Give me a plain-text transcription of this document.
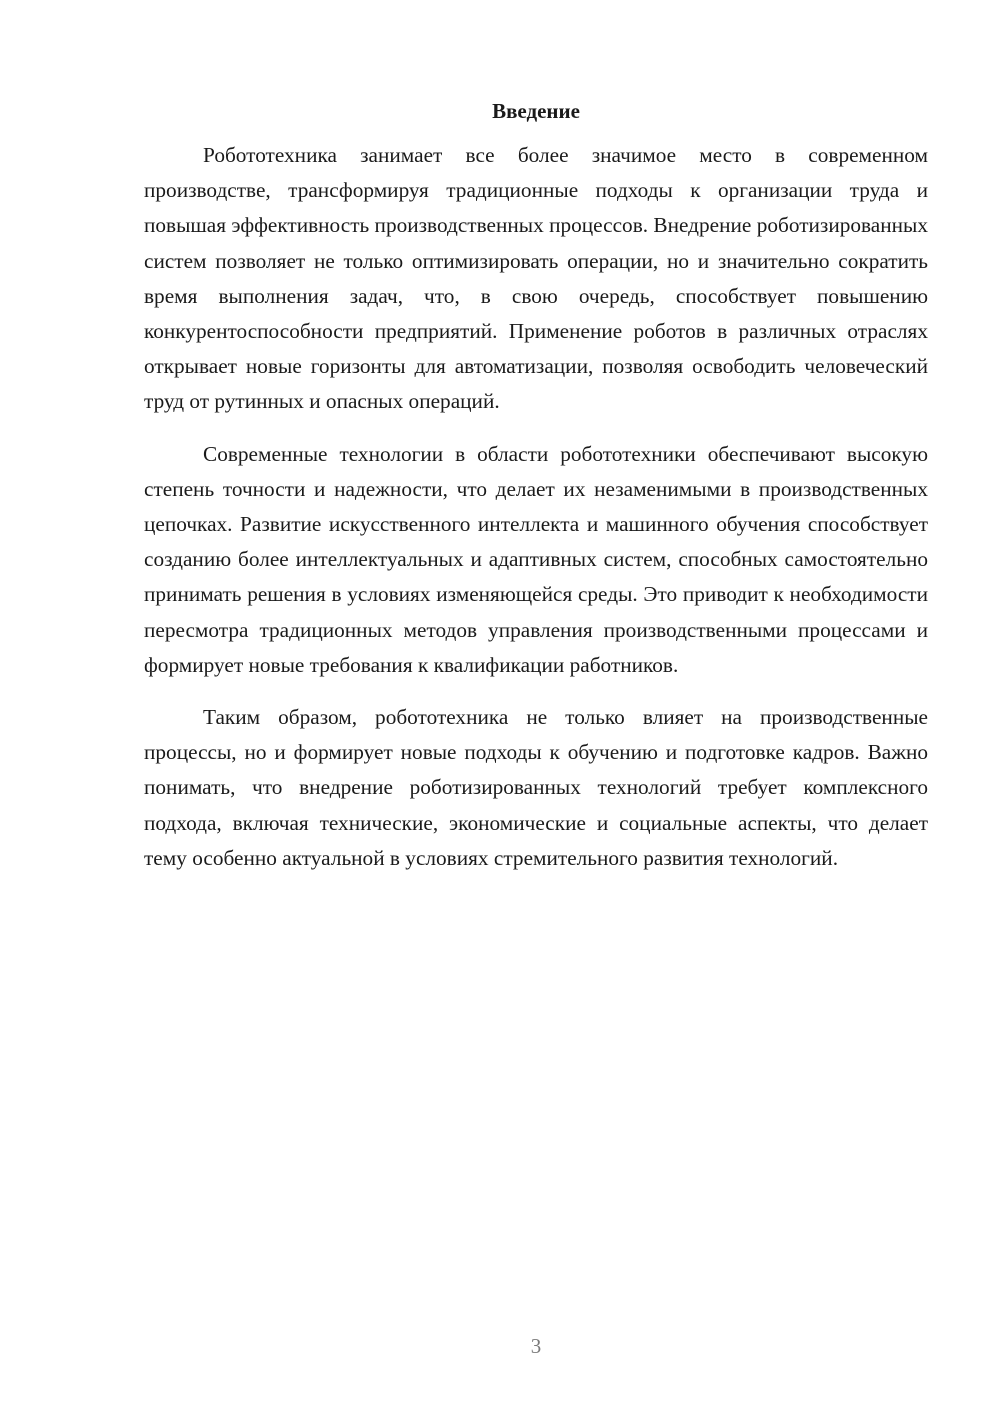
Введение

Робототехника занимает все более значимое место в современном производстве, трансформируя традиционные подходы к организации труда и повышая эффективность производственных процессов. Внедрение роботизированных систем позволяет не только оптимизировать операции, но и значительно сократить время выполнения задач, что, в свою очередь, способствует повышению конкурентоспособности предприятий. Применение роботов в различных отраслях открывает новые горизонты для автоматизации, позволяя освободить человеческий труд от рутинных и опасных операций.

Современные технологии в области робототехники обеспечивают высокую степень точности и надежности, что делает их незаменимыми в производственных цепочках. Развитие искусственного интеллекта и машинного обучения способствует созданию более интеллектуальных и адаптивных систем, способных самостоятельно принимать решения в условиях изменяющейся среды. Это приводит к необходимости пересмотра традиционных методов управления производственными процессами и формирует новые требования к квалификации работников.

Таким образом, робототехника не только влияет на производственные процессы, но и формирует новые подходы к обучению и подготовке кадров. Важно понимать, что внедрение роботизированных технологий требует комплексного подхода, включая технические, экономические и социальные аспекты, что делает тему особенно актуальной в условиях стремительного развития технологий.

3
